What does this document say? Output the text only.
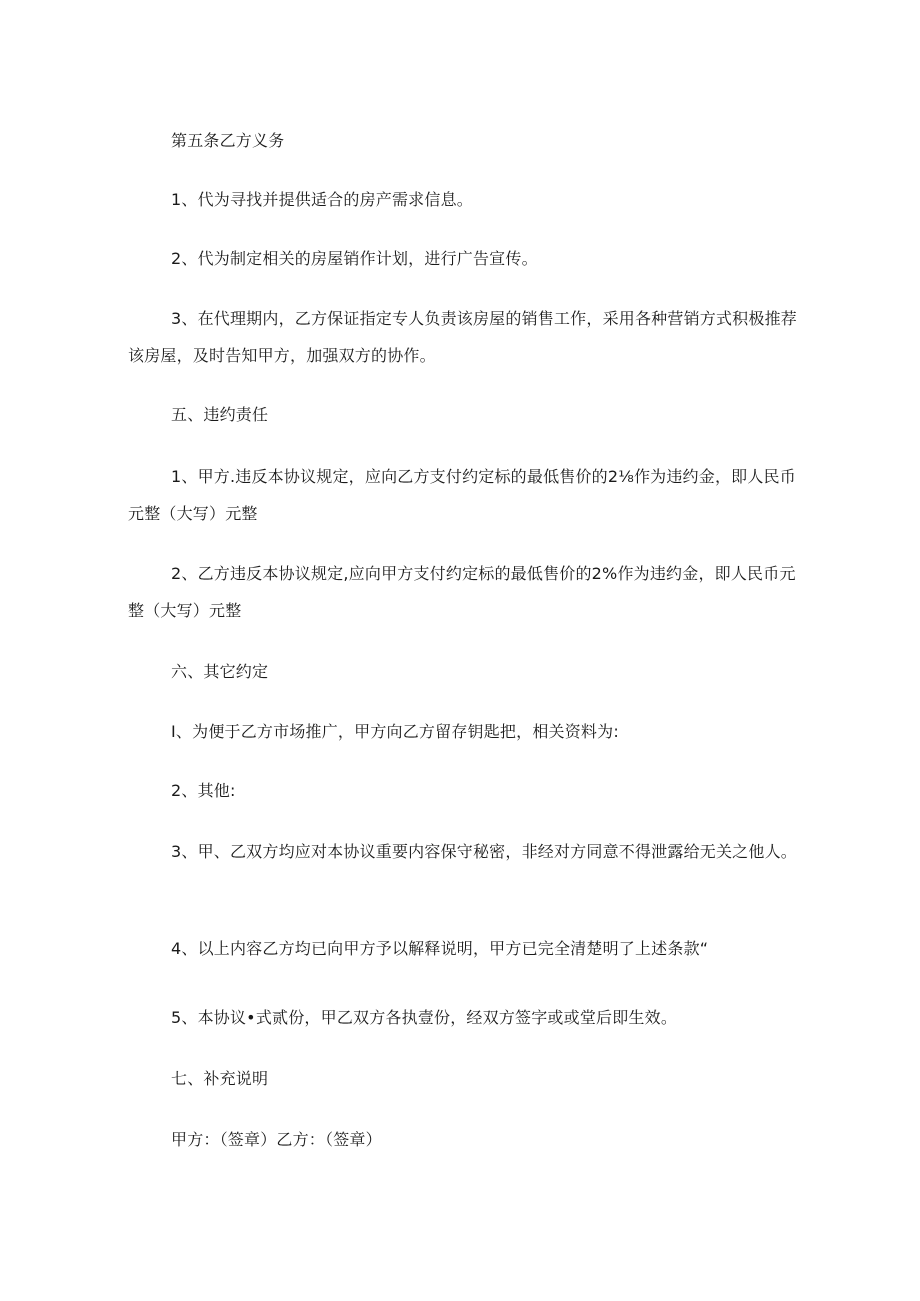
第五条乙方义务
1、代为寻找并提供适合的房产需求信息。
2、代为制定相关的房屋销作计划，进行广告宣传。
3、在代理期内，乙方保证指定专人负责该房屋的销售工作，采用各种营销方式积极推荐该房屋，及时告知甲方，加强双方的协作。
五、违约责任
1、甲方.违反本协议规定，应向乙方支付约定标的最低售价的2⅛作为违约金，即人民币元整（大写）元整
2、乙方违反本协议规定,应向甲方支付约定标的最低售价的2%作为违约金，即人民币元整（大写）元整
六、其它约定
I、为便于乙方市场推广，甲方向乙方留存钥匙把，相关资料为:
2、其他:
3、甲、乙双方均应对本协议重要内容保守秘密，非经对方同意不得泄露给无关之他人。
4、以上内容乙方均已向甲方予以解释说明，甲方已完全清楚明了上述条款“
5、本协议•式贰份，甲乙双方各执壹份，经双方签字或或堂后即生效。
七、补充说明
甲方：（签章）乙方：（签章）
